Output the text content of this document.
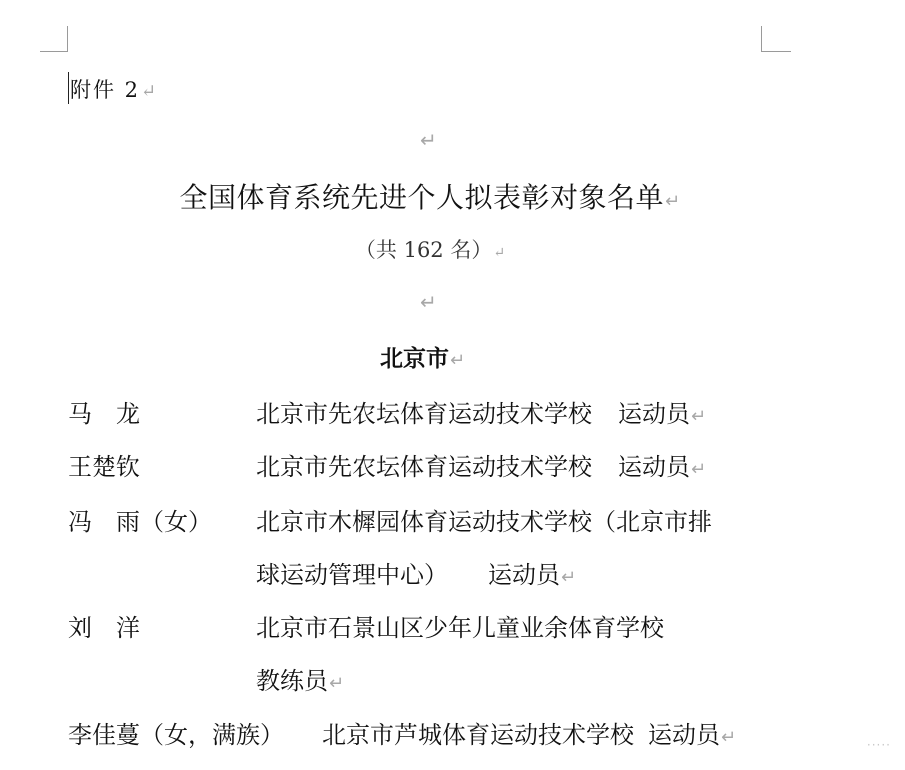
附件 2↵
↵
全国体育系统先进个人拟表彰对象名单↵
（共 162 名）↵
↵
北京市↵
马　龙	北京市先农坛体育运动技术学校 运动员↵
王楚钦	北京市先农坛体育运动技术学校 运动员↵
冯　雨（女） 北京市木樨园体育运动技术学校（北京市排
球运动管理中心） 运动员↵
刘　洋	北京市石景山区少年儿童业余体育学校
教练员↵
李佳蔓（女，满族） 北京市芦城体育运动技术学校 运动员↵	·····
